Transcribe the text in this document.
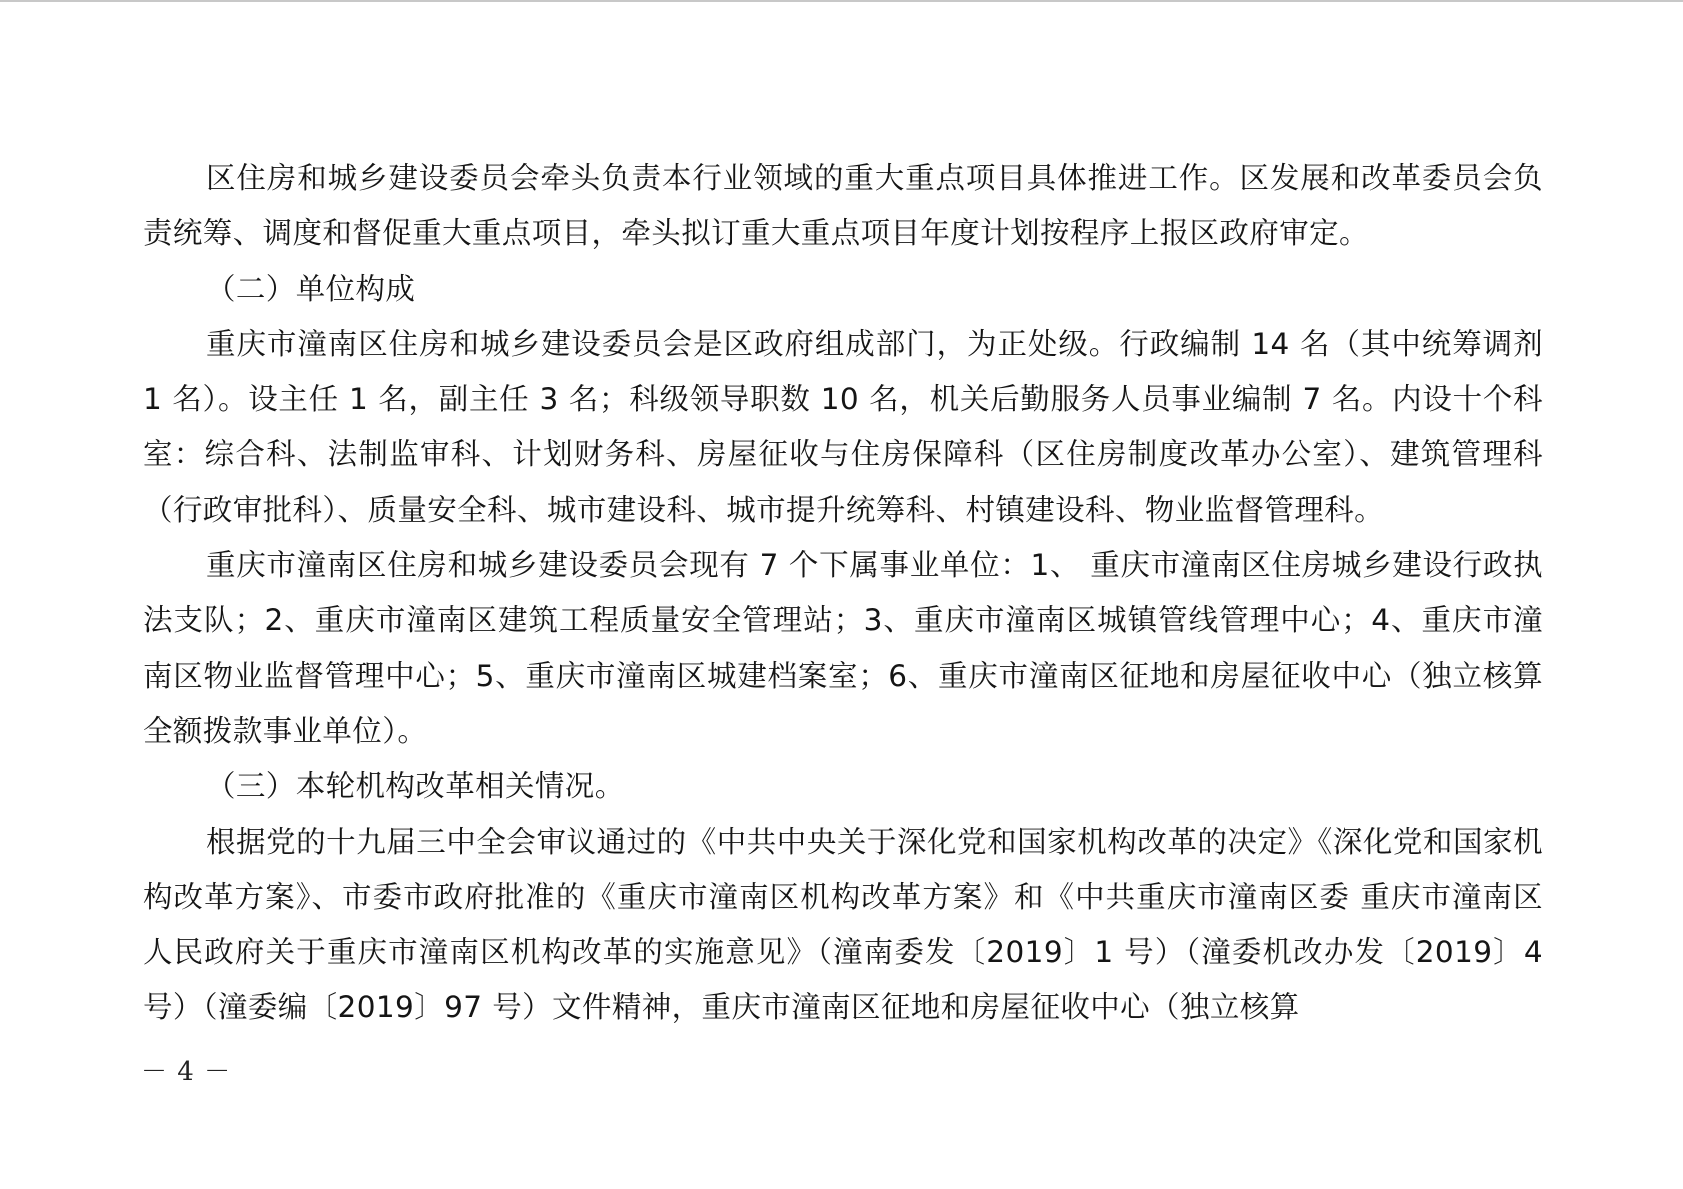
区住房和城乡建设委员会牵头负责本行业领域的重大重点项目具体推进工作。区发展和改革委员会负责统筹、调度和督促重大重点项目，牵头拟订重大重点项目年度计划按程序上报区政府审定。

（二）单位构成

重庆市潼南区住房和城乡建设委员会是区政府组成部门，为正处级。行政编制 14 名（其中统筹调剂 1 名）。设主任 1 名，副主任 3 名；科级领导职数 10 名，机关后勤服务人员事业编制 7 名。内设十个科室：综合科、法制监审科、计划财务科、房屋征收与住房保障科（区住房制度改革办公室）、建筑管理科（行政审批科）、质量安全科、城市建设科、城市提升统筹科、村镇建设科、物业监督管理科。

重庆市潼南区住房和城乡建设委员会现有 7 个下属事业单位：1、 重庆市潼南区住房城乡建设行政执法支队；2、重庆市潼南区建筑工程质量安全管理站；3、重庆市潼南区城镇管线管理中心；4、重庆市潼南区物业监督管理中心；5、重庆市潼南区城建档案室；6、重庆市潼南区征地和房屋征收中心（独立核算全额拨款事业单位）。

（三）本轮机构改革相关情况。

根据党的十九届三中全会审议通过的《中共中央关于深化党和国家机构改革的决定》《深化党和国家机构改革方案》、市委市政府批准的《重庆市潼南区机构改革方案》和《中共重庆市潼南区委 重庆市潼南区人民政府关于重庆市潼南区机构改革的实施意见》（潼南委发〔2019〕1 号）（潼委机改办发〔2019〕4 号）（潼委编〔2019〕97 号）文件精神，重庆市潼南区征地和房屋征收中心（独立核算

－ 4 －
